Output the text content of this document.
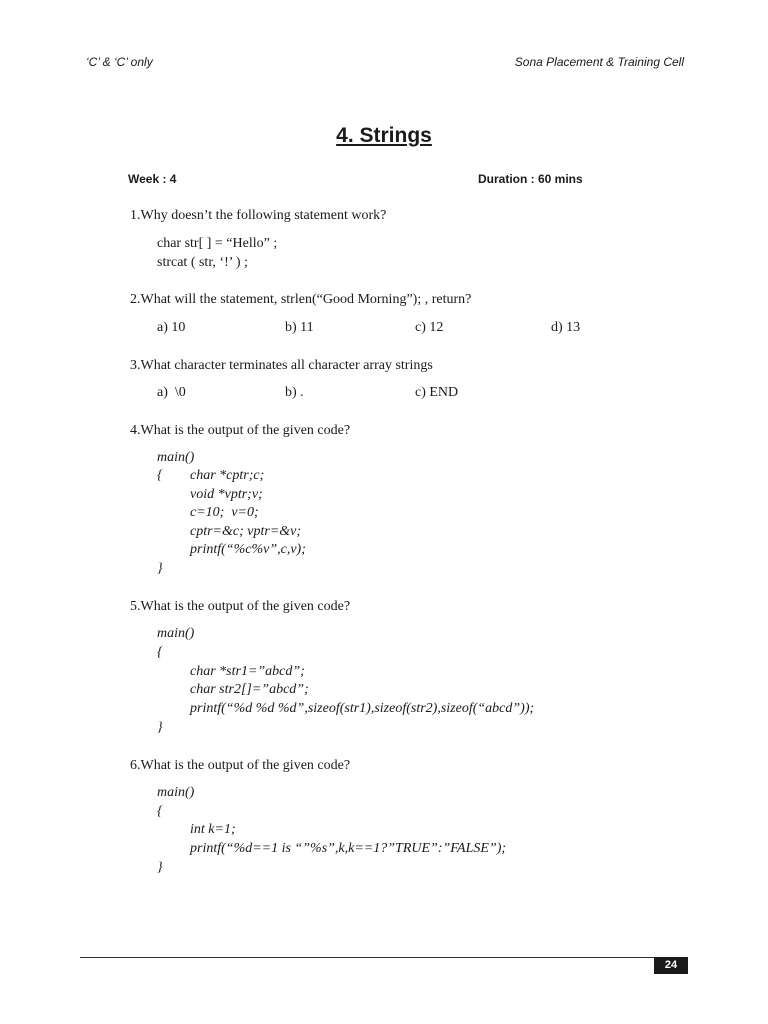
‘C’ & ‘C’ only	Sona Placement & Training Cell
4. Strings
Week : 4	Duration : 60 mins
1.Why doesn’t the following statement work?
char str[ ] = “Hello” ;
strcat ( str, ‘!’ ) ;
2.What will the statement, strlen(“Good Morning”); , return?
a) 10	b) 11	c) 12	d) 13
3.What character terminates all character array strings
a)  \0	b) .	c) END
4.What is the output of the given code?
main()
{ char *cptr;c;
void *vptr;v;
c=10;  v=0;
cptr=&c; vptr=&v;
printf(“%c%v”,c,v);
}
5.What is the output of the given code?
main()
{
char *str1=”abcd”;
char str2[]=”abcd”;
printf(“%d %d %d”,sizeof(str1),sizeof(str2),sizeof(“abcd”));
}
6.What is the output of the given code?
main()
{
int k=1;
printf(“%d==1 is “”%s”,k,k==1?”TRUE”:”FALSE”);
}
24
